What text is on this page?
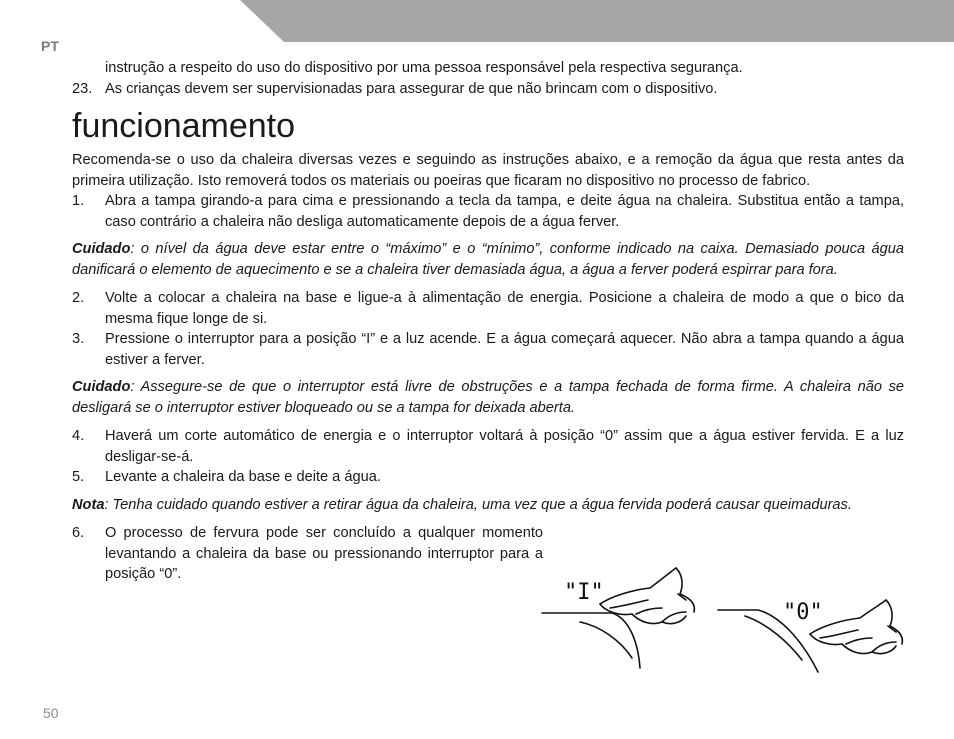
PT
instrução a respeito do uso do dispositivo por uma pessoa responsável pela respectiva segurança.
23. As crianças devem ser supervisionadas para assegurar de que não brincam com o dispositivo.
funcionamento

Recomenda-se o uso da chaleira diversas vezes e seguindo as instruções abaixo, e a remoção da água que resta antes da primeira utilização. Isto removerá todos os materiais ou poeiras que ficaram no dispositivo no processo de fabrico.

1. Abra a tampa girando-a para cima e pressionando a tecla da tampa, e deite água na chaleira. Substitua então a tampa, caso contrário a chaleira não desliga automaticamente depois de a água ferver.

Cuidado: o nível da água deve estar entre o “máximo” e o “mínimo”, conforme indicado na caixa. Demasiado pouca água danificará o elemento de aquecimento e se a chaleira tiver demasiada água, a água a ferver poderá espirrar para fora.

2. Volte a colocar a chaleira na base e ligue-a à alimentação de energia. Posicione a chaleira de modo a que o bico da mesma fique longe de si.
3. Pressione o interruptor para a posição “I” e a luz acende. E a água começará aquecer. Não abra a tampa quando a água estiver a ferver.

Cuidado: Assegure-se de que o interruptor está livre de obstruções e a tampa fechada de forma firme. A chaleira não se desligará se o interruptor estiver bloqueado ou se a tampa for deixada aberta.

4. Haverá um corte automático de energia e o interruptor voltará à posição “0” assim que a água estiver fervida. E a luz desligar-se-á.
5. Levante a chaleira da base e deite a água.

Nota: Tenha cuidado quando estiver a retirar água da chaleira, uma vez que a água fervida poderá causar queimaduras.

6. O processo de fervura pode ser concluído a qualquer momento levantando a chaleira da base ou pressionando interruptor para a posição “0”.
"I"
"0"
50
